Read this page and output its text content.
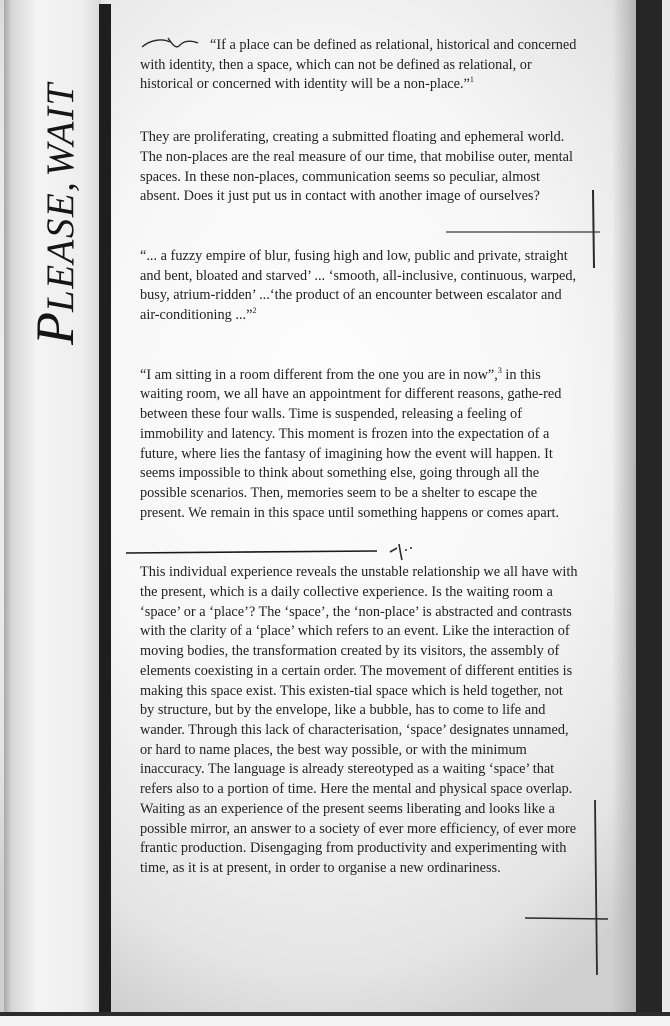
PLEASE, WAIT

“If a place can be defined as relational, historical and concerned with identity, then a space, which can not be defined as relational, or historical or concerned with identity will be a non-place.”$^1$

They are proliferating, creating a submitted floating and ephemeral world. The non-places are the real measure of our time, that mobilise outer, mental spaces. In these non-places, communication seems so peculiar, almost absent. Does it just put us in contact with another image of ourselves?

“... a fuzzy empire of blur, fusing high and low, public and private, straight and bent, bloated and starved’ ... ‘smooth, all-inclusive, continuous, warped, busy, atrium-ridden’ ...‘the product of an encounter between escalator and air-conditioning ...”$^2$

“I am sitting in a room different from the one you are in now”,$^3$ in this waiting room, we all have an appointment for different reasons, gathe-red between these four walls. Time is suspended, releasing a feeling of immobility and latency. This moment is frozen into the expectation of a future, where lies the fantasy of imagining how the event will happen. It seems impossible to think about something else, going through all the possible scenarios. Then, memories seem to be a shelter to escape the present. We remain in this space until something happens or comes apart.

This individual experience reveals the unstable relationship we all have with the present, which is a daily collective experience. Is the waiting room a ‘space’ or a ‘place’? The ‘space’, the ‘non-place’ is abstracted and contrasts with the clarity of a ‘place’ which refers to an event. Like the interaction of moving bodies, the transformation created by its visitors, the assembly of elements coexisting in a certain order. The movement of different entities is making this space exist. This existen-tial space which is held together, not by structure, but by the envelope, like a bubble, has to come to life and wander. Through this lack of characterisation, ‘space’ designates unnamed, or hard to name places, the best way possible, or with the minimum inaccuracy. The language is already stereotyped as a waiting ‘space’ that refers also to a portion of time. Here the mental and physical space overlap. Waiting as an experience of the present seems liberating and looks like a possible mirror, an answer to a society of ever more efficiency, of ever more frantic production. Disengaging from productivity and experimenting with time, as it is at present, in order to organise a new ordinariness.
